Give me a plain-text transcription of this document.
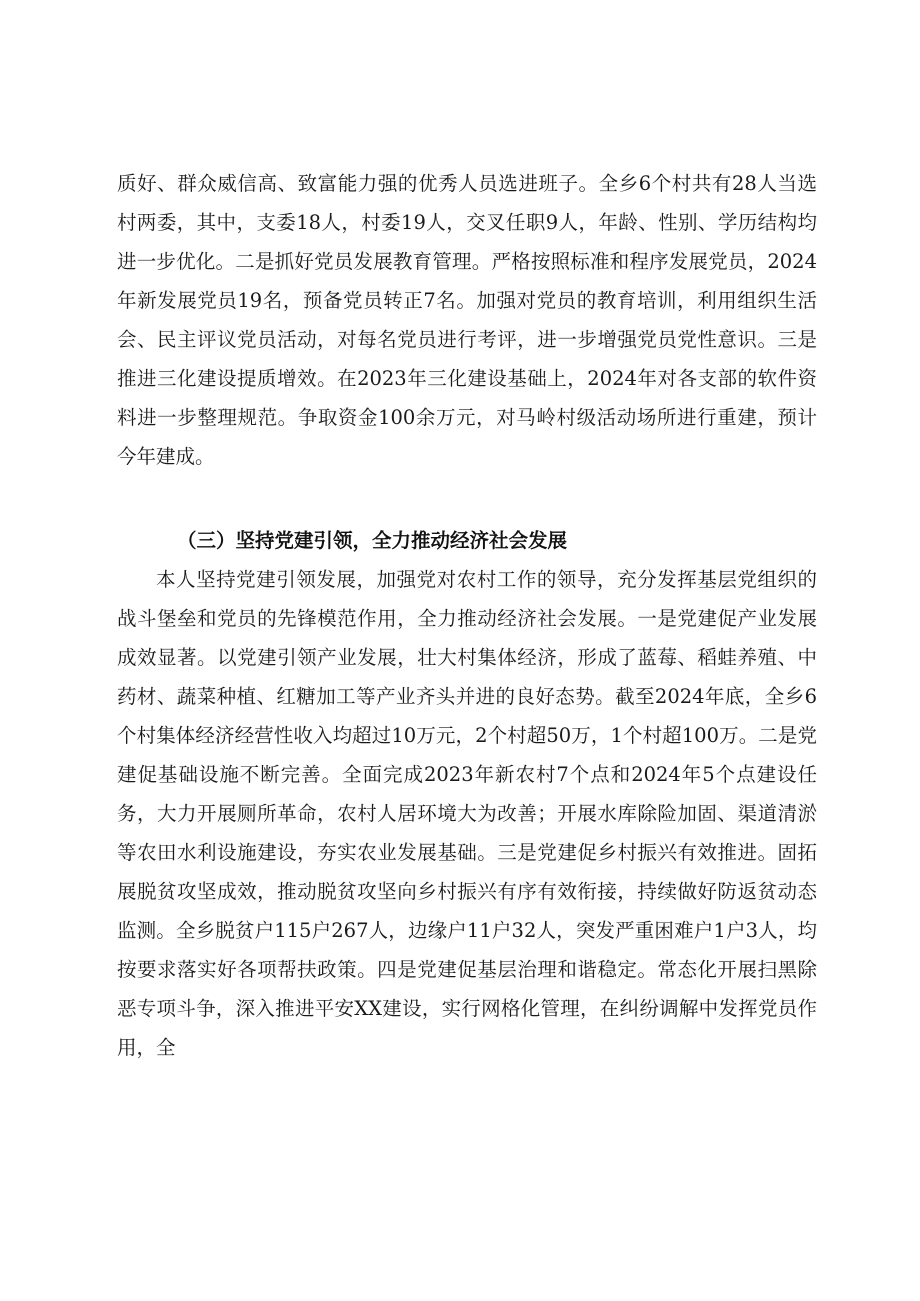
质好、群众威信高、致富能力强的优秀人员选进班子。全乡6个村共有28人当选村两委，其中，支委18人，村委19人，交叉任职9人，年龄、性别、学历结构均进一步优化。二是抓好党员发展教育管理。严格按照标准和程序发展党员，2024年新发展党员19名，预备党员转正7名。加强对党员的教育培训，利用组织生活会、民主评议党员活动，对每名党员进行考评，进一步增强党员党性意识。三是推进三化建设提质增效。在2023年三化建设基础上，2024年对各支部的软件资料进一步整理规范。争取资金100余万元，对马岭村级活动场所进行重建，预计今年建成。

（三）坚持党建引领，全力推动经济社会发展

本人坚持党建引领发展，加强党对农村工作的领导，充分发挥基层党组织的战斗堡垒和党员的先锋模范作用，全力推动经济社会发展。一是党建促产业发展成效显著。以党建引领产业发展，壮大村集体经济，形成了蓝莓、稻蛙养殖、中药材、蔬菜种植、红糖加工等产业齐头并进的良好态势。截至2024年底，全乡6个村集体经济经营性收入均超过10万元，2个村超50万，1个村超100万。二是党建促基础设施不断完善。全面完成2023年新农村7个点和2024年5个点建设任务，大力开展厕所革命，农村人居环境大为改善；开展水库除险加固、渠道清淤等农田水利设施建设，夯实农业发展基础。三是党建促乡村振兴有效推进。固拓展脱贫攻坚成效，推动脱贫攻坚向乡村振兴有序有效衔接，持续做好防返贫动态监测。全乡脱贫户115户267人，边缘户11户32人，突发严重困难户1户3人，均按要求落实好各项帮扶政策。四是党建促基层治理和谐稳定。常态化开展扫黑除恶专项斗争，深入推进平安XX建设，实行网格化管理，在纠纷调解中发挥党员作用，全
